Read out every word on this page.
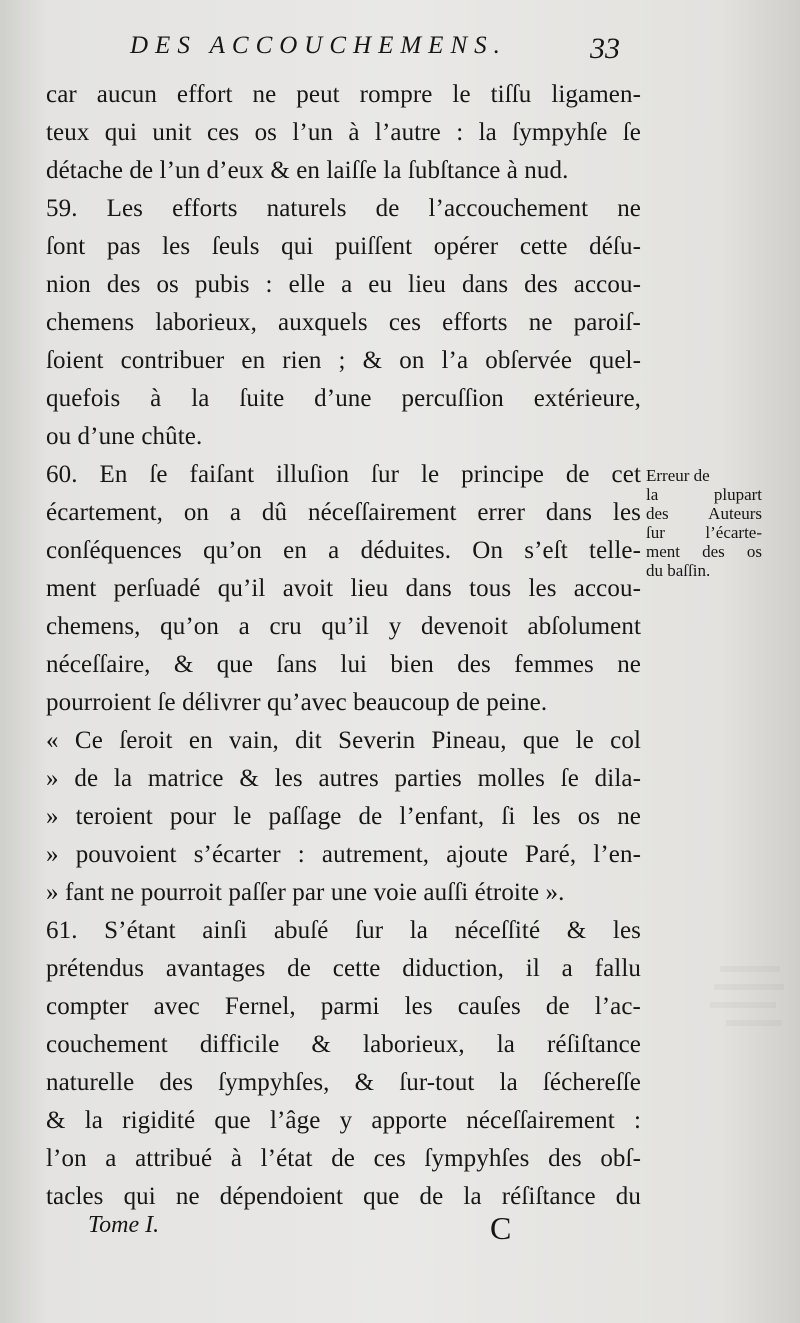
DES ACCOUCHEMENS.	33
car aucun effort ne peut rompre le tiſſu ligamen-
teux qui unit ces os l’un à l’autre : la ſympyhſe ſe
détache de l’un d’eux & en laiſſe la ſubſtance à nud.
59. Les efforts naturels de l’accouchement ne
ſont pas les ſeuls qui puiſſent opérer cette déſu-
nion des os pubis : elle a eu lieu dans des accou-
chemens laborieux, auxquels ces efforts ne paroiſ-
ſoient contribuer en rien ; & on l’a obſervée quel-
quefois à la ſuite d’une percuſſion extérieure,
ou d’une chûte.
60. En ſe faiſant illuſion ſur le principe de cet
écartement, on a dû néceſſairement errer dans les
conſéquences qu’on en a déduites. On s’eſt telle-
ment perſuadé qu’il avoit lieu dans tous les accou-
chemens, qu’on a cru qu’il y devenoit abſolument
néceſſaire, & que ſans lui bien des femmes ne
pourroient ſe délivrer qu’avec beaucoup de peine.
« Ce ſeroit en vain, dit Severin Pineau, que le col
» de la matrice & les autres parties molles ſe dila-
» teroient pour le paſſage de l’enfant, ſi les os ne
» pouvoient s’écarter : autrement, ajoute Paré, l’en-
» fant ne pourroit paſſer par une voie auſſi étroite ».
61. S’étant ainſi abuſé ſur la néceſſité & les
prétendus avantages de cette diduction, il a fallu
compter avec Fernel, parmi les cauſes de l’ac-
couchement difficile & laborieux, la réſiſtance
naturelle des ſympyhſes, & ſur-tout la ſéchereſſe
& la rigidité que l’âge y apporte néceſſairement :
l’on a attribué à l’état de ces ſympyhſes des obſ-
tacles qui ne dépendoient que de la réſiſtance du
Erreur de
la plupart
des Auteurs
ſur l’écarte-
ment des os
du baſſin.
Tome I.	C
